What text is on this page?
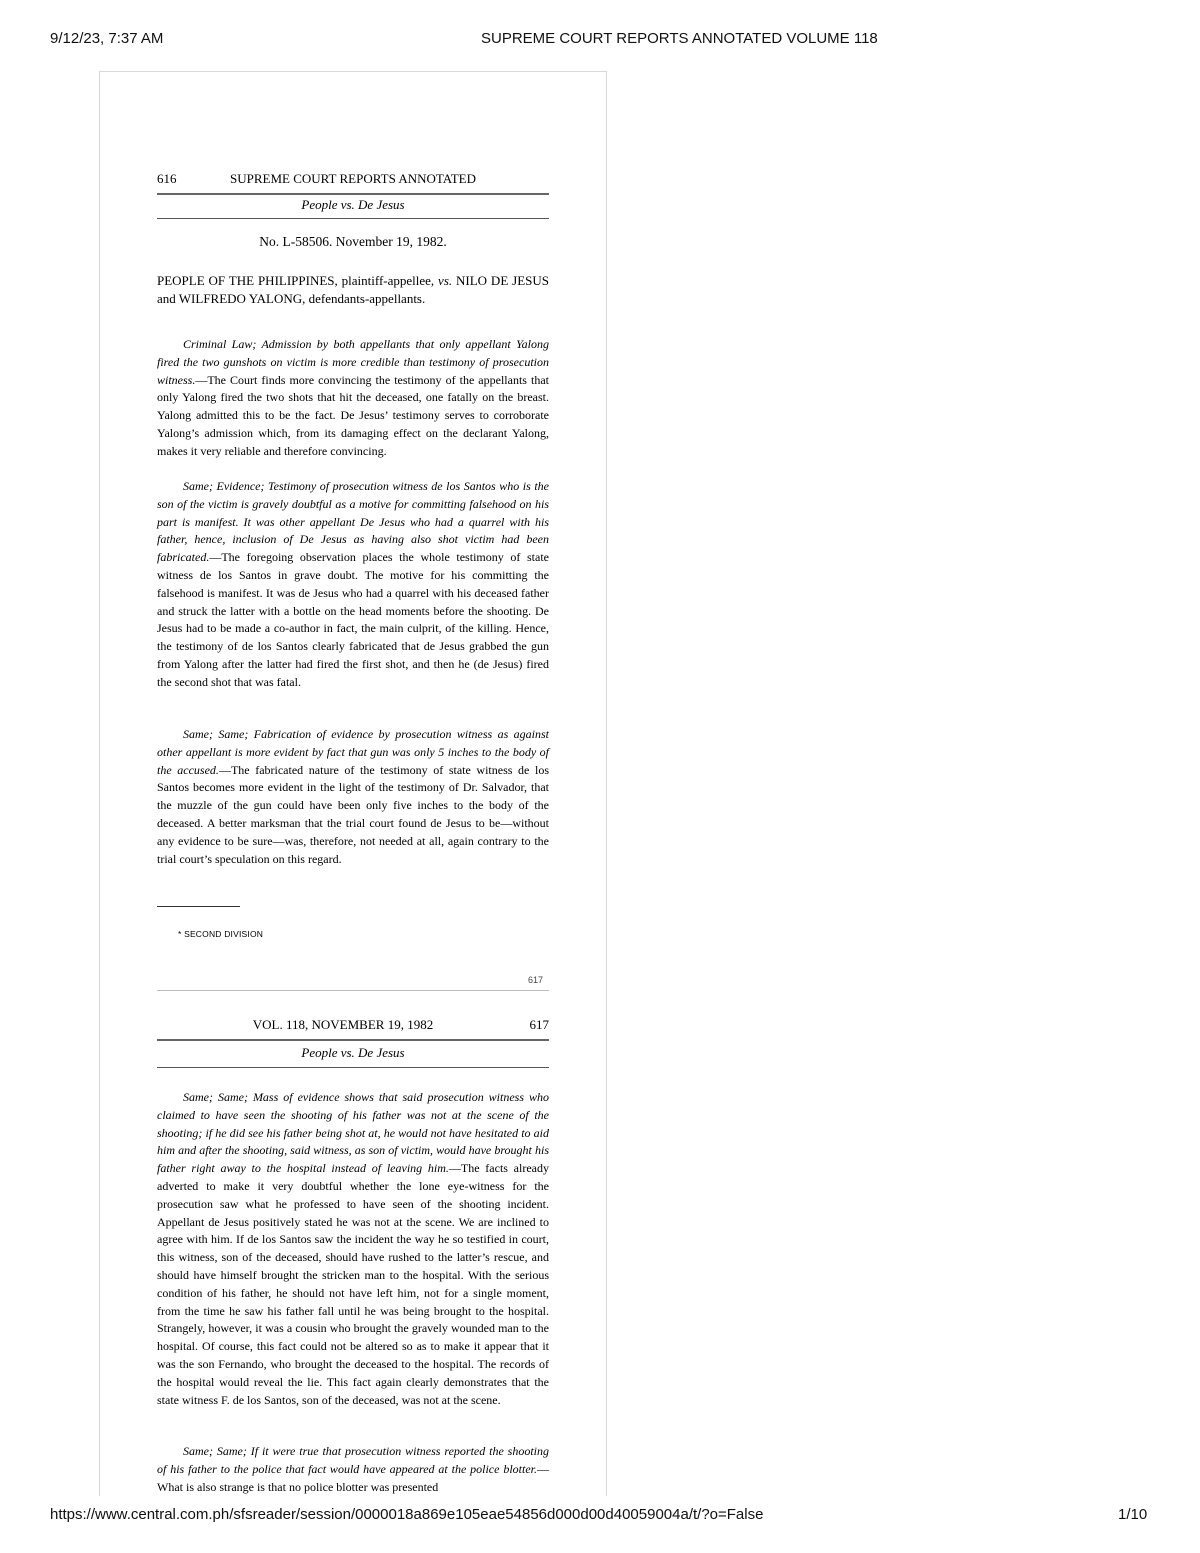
9/12/23, 7:37 AM	SUPREME COURT REPORTS ANNOTATED VOLUME 118
616	SUPREME COURT REPORTS ANNOTATED
People vs. De Jesus
No. L-58506. November 19, 1982.
PEOPLE OF THE PHILIPPINES, plaintiff-appellee, vs. NILO DE JESUS and WILFREDO YALONG, defendants-appellants.

Criminal Law; Admission by both appellants that only appellant Yalong fired the two gunshots on victim is more credible than testimony of prosecution witness.—The Court finds more convincing the testimony of the appellants that only Yalong fired the two shots that hit the deceased, one fatally on the breast. Yalong admitted this to be the fact. De Jesus’ testimony serves to corroborate Yalong’s admission which, from its damaging effect on the declarant Yalong, makes it very reliable and therefore convincing.

Same; Evidence; Testimony of prosecution witness de los Santos who is the son of the victim is gravely doubtful as a motive for committing falsehood on his part is manifest. It was other appellant De Jesus who had a quarrel with his father, hence, inclusion of De Jesus as having also shot victim had been fabricated.—The foregoing observation places the whole testimony of state witness de los Santos in grave doubt. The motive for his committing the falsehood is manifest. It was de Jesus who had a quarrel with his deceased father and struck the latter with a bottle on the head moments before the shooting. De Jesus had to be made a co-author in fact, the main culprit, of the killing. Hence, the testimony of de los Santos clearly fabricated that de Jesus grabbed the gun from Yalong after the latter had fired the first shot, and then he (de Jesus) fired the second shot that was fatal.

Same; Same; Fabrication of evidence by prosecution witness as against other appellant is more evident by fact that gun was only 5 inches to the body of the accused.—The fabricated nature of the testimony of state witness de los Santos becomes more evident in the light of the testimony of Dr. Salvador, that the muzzle of the gun could have been only five inches to the body of the deceased. A better marksman that the trial court found de Jesus to be—without any evidence to be sure—was, therefore, not needed at all, again contrary to the trial court’s speculation on this regard.

* SECOND DIVISION
617
VOL. 118, NOVEMBER 19, 1982	617
People vs. De Jesus

Same; Same; Mass of evidence shows that said prosecution witness who claimed to have seen the shooting of his father was not at the scene of the shooting; if he did see his father being shot at, he would not have hesitated to aid him and after the shooting, said witness, as son of victim, would have brought his father right away to the hospital instead of leaving him.—The facts already adverted to make it very doubtful whether the lone eye-witness for the prosecution saw what he professed to have seen of the shooting incident. Appellant de Jesus positively stated he was not at the scene. We are inclined to agree with him. If de los Santos saw the incident the way he so testified in court, this witness, son of the deceased, should have rushed to the latter’s rescue, and should have himself brought the stricken man to the hospital. With the serious condition of his father, he should not have left him, not for a single moment, from the time he saw his father fall until he was being brought to the hospital. Strangely, however, it was a cousin who brought the gravely wounded man to the hospital. Of course, this fact could not be altered so as to make it appear that it was the son Fernando, who brought the deceased to the hospital. The records of the hospital would reveal the lie. This fact again clearly demonstrates that the state witness F. de los Santos, son of the deceased, was not at the scene.

Same; Same; If it were true that prosecution witness reported the shooting of his father to the police that fact would have appeared at the police blotter.—What is also strange is that no police blotter was presented

https://www.central.com.ph/sfsreader/session/0000018a869e105eae54856d000d00d40059004a/t/?o=False	1/10
